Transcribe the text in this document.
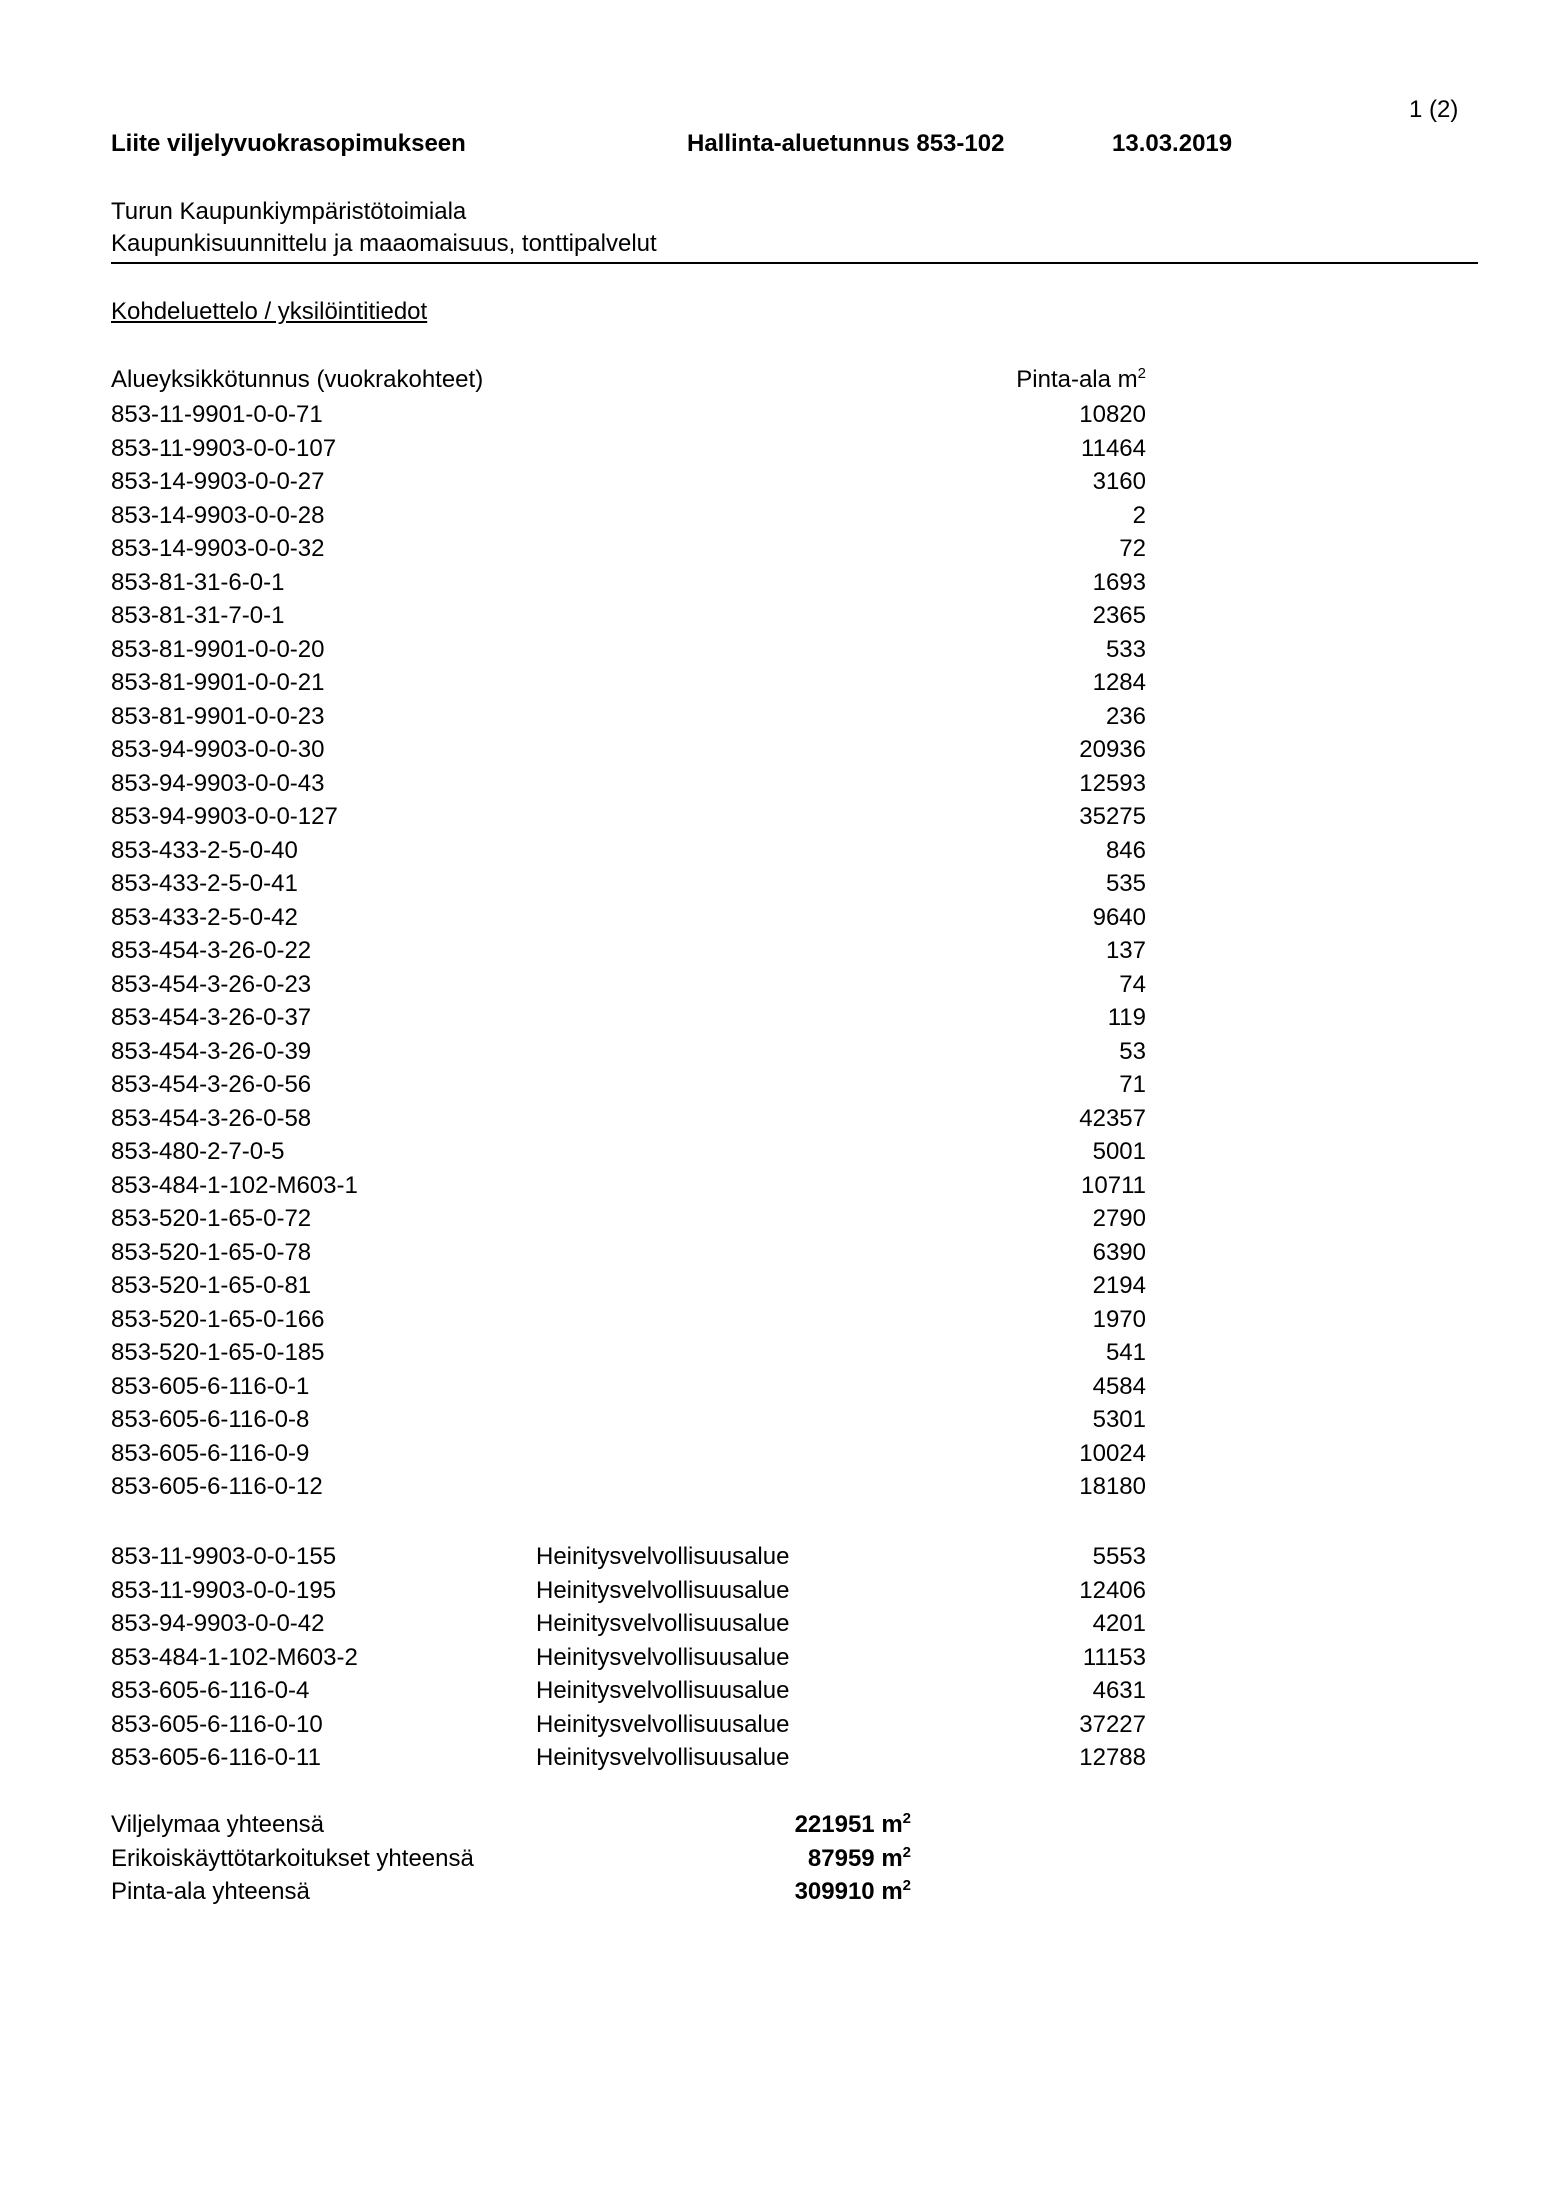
1 (2)
Liite viljelyvuokrasopimukseen	Hallinta-aluetunnus 853-102	13.03.2019
Turun Kaupunkiympäristötoimiala
Kaupunkisuunnittelu ja maaomaisuus, tonttipalvelut
Kohdeluettelo / yksilöintitiedot
Alueyksikkötunnus (vuokrakohteet)	Pinta-ala $m^2$
853-11-9901-0-0-71	10820
853-11-9903-0-0-107	11464
853-14-9903-0-0-27	3160
853-14-9903-0-0-28	2
853-14-9903-0-0-32	72
853-81-31-6-0-1	1693
853-81-31-7-0-1	2365
853-81-9901-0-0-20	533
853-81-9901-0-0-21	1284
853-81-9901-0-0-23	236
853-94-9903-0-0-30	20936
853-94-9903-0-0-43	12593
853-94-9903-0-0-127	35275
853-433-2-5-0-40	846
853-433-2-5-0-41	535
853-433-2-5-0-42	9640
853-454-3-26-0-22	137
853-454-3-26-0-23	74
853-454-3-26-0-37	119
853-454-3-26-0-39	53
853-454-3-26-0-56	71
853-454-3-26-0-58	42357
853-480-2-7-0-5	5001
853-484-1-102-M603-1	10711
853-520-1-65-0-72	2790
853-520-1-65-0-78	6390
853-520-1-65-0-81	2194
853-520-1-65-0-166	1970
853-520-1-65-0-185	541
853-605-6-116-0-1	4584
853-605-6-116-0-8	5301
853-605-6-116-0-9	10024
853-605-6-116-0-12	18180
853-11-9903-0-0-155	Heinitysvelvollisuusalue	5553
853-11-9903-0-0-195	Heinitysvelvollisuusalue	12406
853-94-9903-0-0-42	Heinitysvelvollisuusalue	4201
853-484-1-102-M603-2	Heinitysvelvollisuusalue	11153
853-605-6-116-0-4	Heinitysvelvollisuusalue	4631
853-605-6-116-0-10	Heinitysvelvollisuusalue	37227
853-605-6-116-0-11	Heinitysvelvollisuusalue	12788
Viljelymaa yhteensä	221951 $m^2$
Erikoiskäyttötarkoitukset yhteensä	87959 $m^2$
Pinta-ala yhteensä	309910 $m^2$
